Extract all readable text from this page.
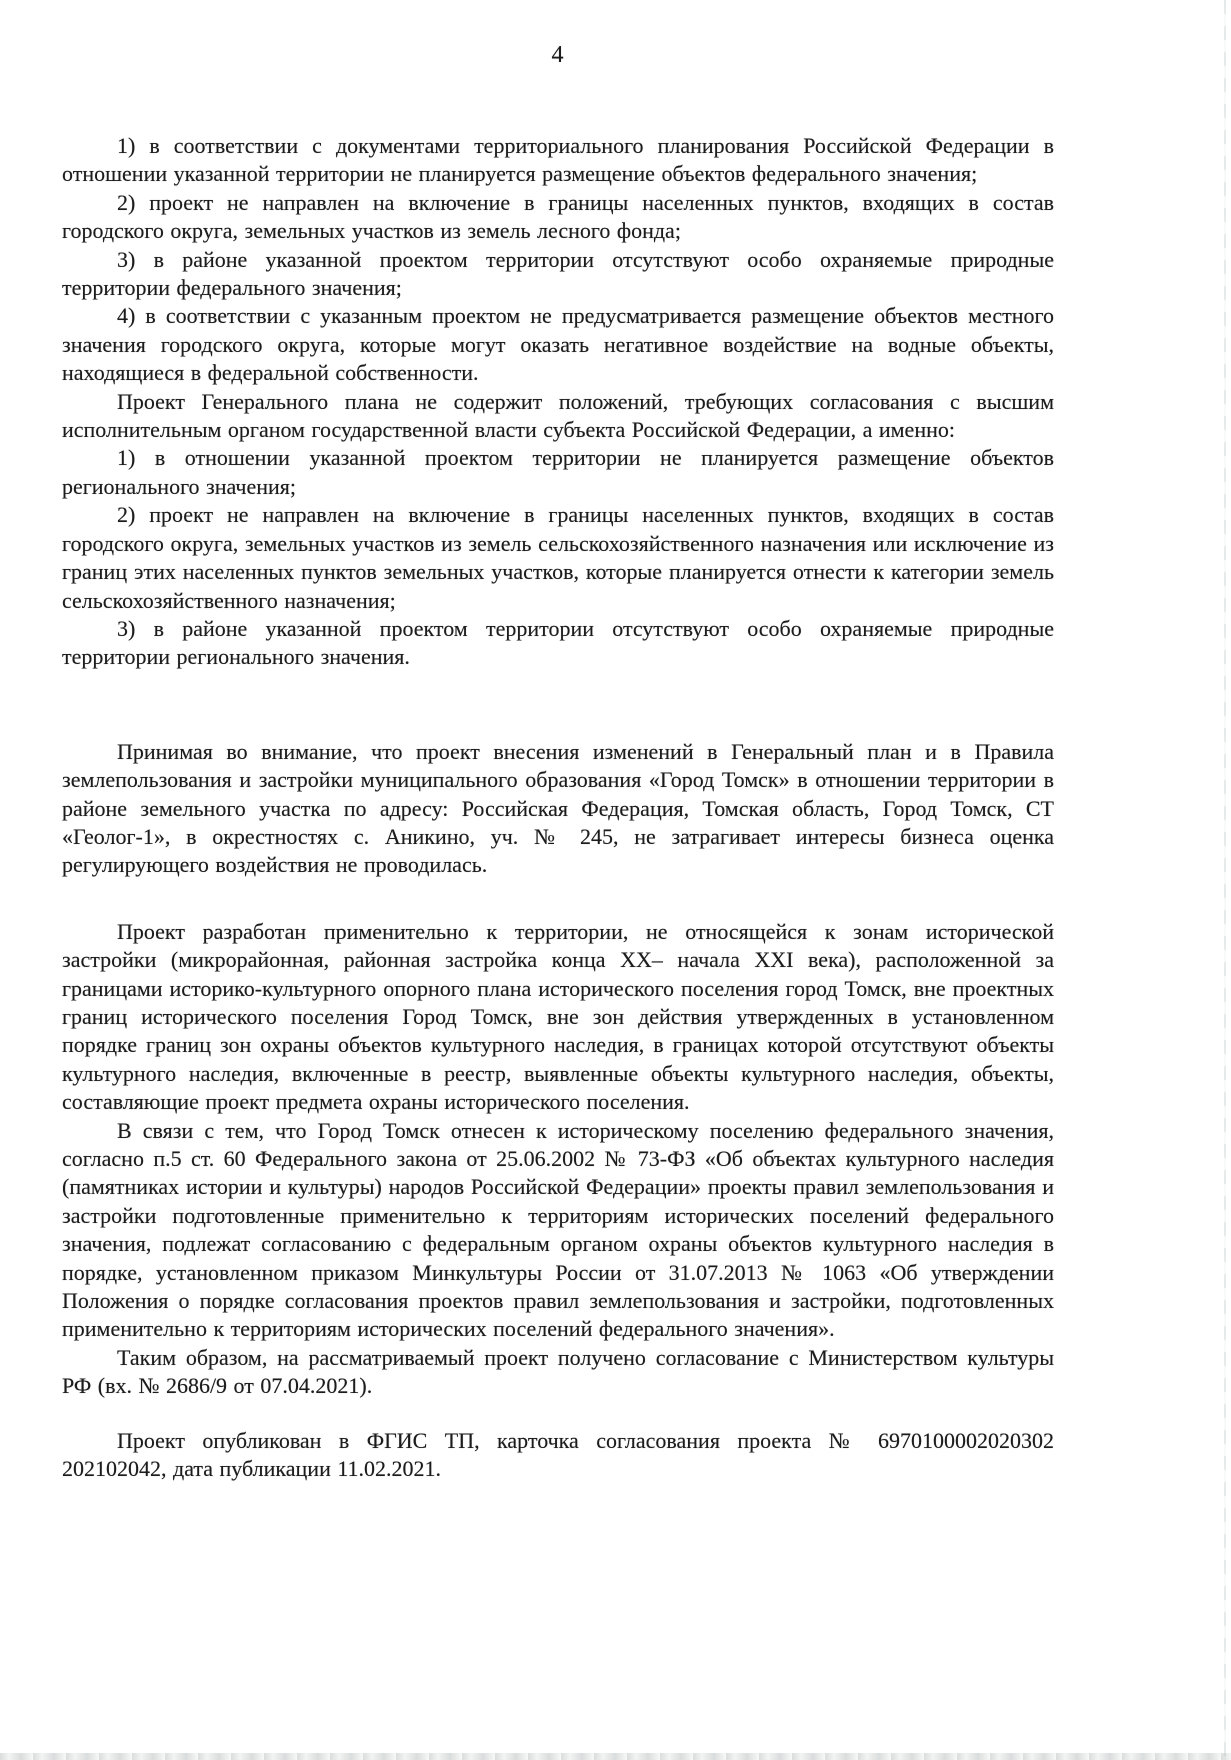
4

1) в соответствии с документами территориального планирования Российской Федерации в отношении указанной территории не планируется размещение объектов федерального значения;

2) проект не направлен на включение в границы населенных пунктов, входящих в состав городского округа, земельных участков из земель лесного фонда;

3) в районе указанной проектом территории отсутствуют особо охраняемые природные территории федерального значения;

4) в соответствии с указанным проектом не предусматривается размещение объектов местного значения городского округа, которые могут оказать негативное воздействие на водные объекты, находящиеся в федеральной собственности.

Проект Генерального плана не содержит положений, требующих согласования с высшим исполнительным органом государственной власти субъекта Российской Федерации, а именно:

1) в отношении указанной проектом территории не планируется размещение объектов регионального значения;

2) проект не направлен на включение в границы населенных пунктов, входящих в состав городского округа, земельных участков из земель сельскохозяйственного назначения или исключение из границ этих населенных пунктов земельных участков, которые планируется отнести к категории земель сельскохозяйственного назначения;

3) в районе указанной проектом территории отсутствуют особо охраняемые природные территории регионального значения.

Принимая во внимание, что проект внесения изменений в Генеральный план и в Правила землепользования и застройки муниципального образования «Город Томск» в отношении территории в районе земельного участка по адресу: Российская Федерация, Томская область, Город Томск, СТ «Геолог-1», в окрестностях с. Аникино, уч. № 245, не затрагивает интересы бизнеса оценка регулирующего воздействия не проводилась.

Проект разработан применительно к территории, не относящейся к зонам исторической застройки (микрорайонная, районная застройка конца XX– начала XXI века), расположенной за границами историко-культурного опорного плана исторического поселения город Томск, вне проектных границ исторического поселения Город Томск, вне зон действия утвержденных в установленном порядке границ зон охраны объектов культурного наследия, в границах которой отсутствуют объекты культурного наследия, включенные в реестр, выявленные объекты культурного наследия, объекты, составляющие проект предмета охраны исторического поселения.

В связи с тем, что Город Томск отнесен к историческому поселению федерального значения, согласно п.5 ст. 60 Федерального закона от 25.06.2002 № 73-ФЗ «Об объектах культурного наследия (памятниках истории и культуры) народов Российской Федерации» проекты правил землепользования и застройки подготовленные применительно к территориям исторических поселений федерального значения, подлежат согласованию с федеральным органом охраны объектов культурного наследия в порядке, установленном приказом Минкультуры России от 31.07.2013 № 1063 «Об утверждении Положения о порядке согласования проектов правил землепользования и застройки, подготовленных применительно к территориям исторических поселений федерального значения».

Таким образом, на рассматриваемый проект получено согласование с Министерством культуры РФ (вх. № 2686/9 от 07.04.2021).

Проект опубликован в ФГИС ТП, карточка согласования проекта № 6970100002020302 202102042, дата публикации 11.02.2021.
